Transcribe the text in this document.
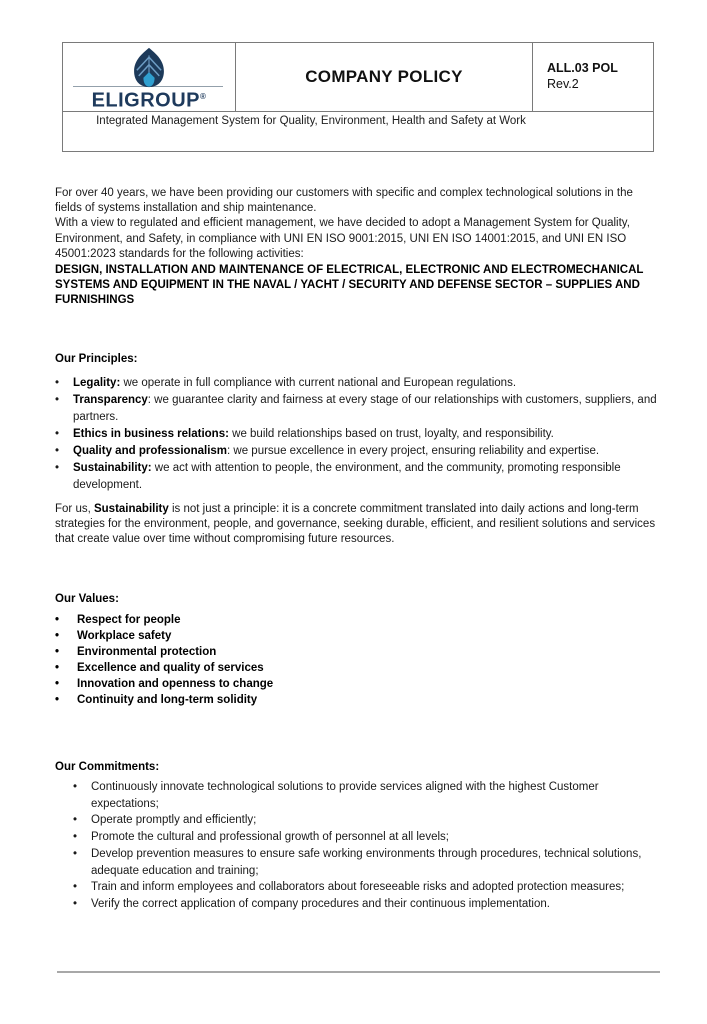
ELIGROUP®
COMPANY POLICY	ALL.03 POL
Rev.2
Integrated Management System for Quality, Environment, Health and Safety at Work
For over 40 years, we have been providing our customers with specific and complex technological solutions in the fields of systems installation and ship maintenance.
With a view to regulated and efficient management, we have decided to adopt a Management System for Quality, Environment, and Safety, in compliance with UNI EN ISO 9001:2015, UNI EN ISO 14001:2015, and UNI EN ISO 45001:2023 standards for the following activities:
DESIGN, INSTALLATION AND MAINTENANCE OF ELECTRICAL, ELECTRONIC AND ELECTROMECHANICAL SYSTEMS AND EQUIPMENT IN THE NAVAL / YACHT / SECURITY AND DEFENSE SECTOR – SUPPLIES AND FURNISHINGS
Our Principles:
• Legality: we operate in full compliance with current national and European regulations.
• Transparency: we guarantee clarity and fairness at every stage of our relationships with customers, suppliers, and partners.
• Ethics in business relations: we build relationships based on trust, loyalty, and responsibility.
• Quality and professionalism: we pursue excellence in every project, ensuring reliability and expertise.
• Sustainability: we act with attention to people, the environment, and the community, promoting responsible development.
For us, Sustainability is not just a principle: it is a concrete commitment translated into daily actions and long-term strategies for the environment, people, and governance, seeking durable, efficient, and resilient solutions and services that create value over time without compromising future resources.
Our Values:
• Respect for people
• Workplace safety
• Environmental protection
• Excellence and quality of services
• Innovation and openness to change
• Continuity and long-term solidity
Our Commitments:
• Continuously innovate technological solutions to provide services aligned with the highest Customer expectations;
• Operate promptly and efficiently;
• Promote the cultural and professional growth of personnel at all levels;
• Develop prevention measures to ensure safe working environments through procedures, technical solutions, adequate education and training;
• Train and inform employees and collaborators about foreseeable risks and adopted protection measures;
• Verify the correct application of company procedures and their continuous implementation.
